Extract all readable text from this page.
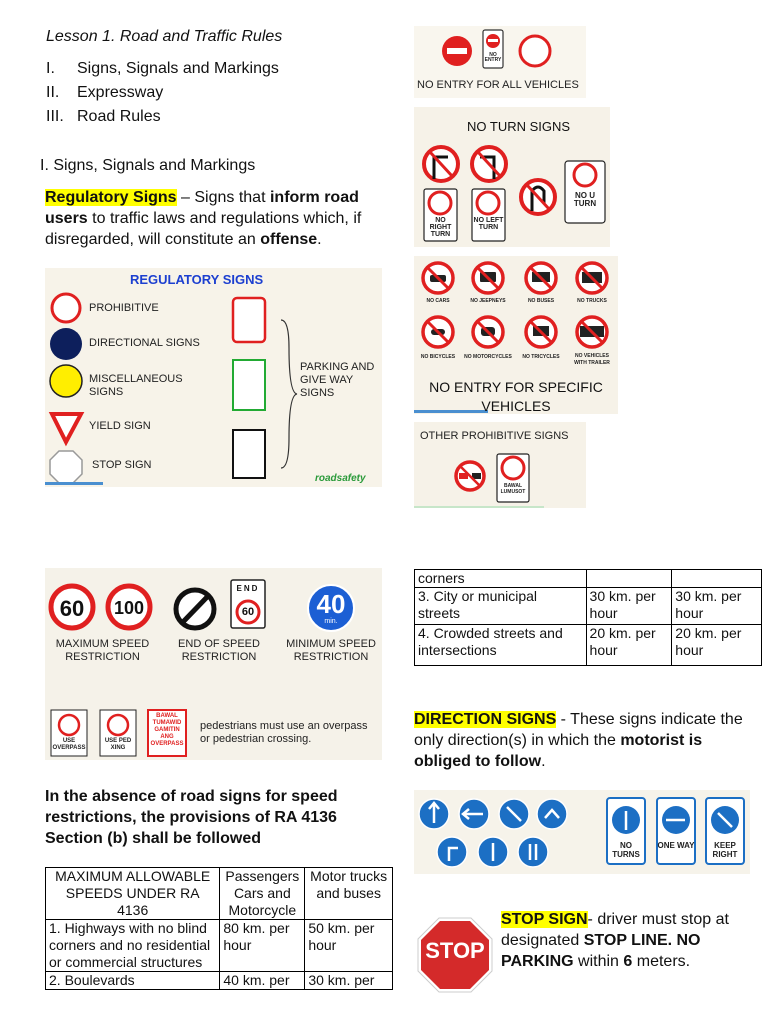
Lesson 1. Road and Traffic Rules
I. Signs, Signals and Markings
II. Expressway
III. Road Rules
I. Signs, Signals and Markings
Regulatory Signs – Signs that inform road users to traffic laws and regulations which, if disregarded, will constitute an offense.
REGULATORY SIGNS
PROHIBITIVE
DIRECTIONAL SIGNS
MISCELLANEOUS SIGNS
YIELD SIGN
STOP SIGN
PARKING AND GIVE WAY SIGNS
roadsafety
NO ENTRY
NO ENTRY FOR ALL VEHICLES
NO TURN SIGNS
NO RIGHT TURN
NO LEFT TURN
NO U TURN
NO CARS	NO JEEPNEYS	NO BUSES	NO TRUCKS
NO BICYCLES	NO MOTORCYCLES	NO TRICYCLES	NO VEHICLES WITH TRAILER
NO ENTRY FOR SPECIFIC VEHICLES
OTHER PROHIBITIVE SIGNS
BAWAL LUMUSOT
60	100
END
60	40
min.
MAXIMUM SPEED RESTRICTION
END OF SPEED RESTRICTION
MINIMUM SPEED RESTRICTION
USE OVERPASS
USE PED XING
BAWAL TUMAWID GAMITIN ANG OVERPASS
pedestrians must use an overpass or pedestrian crossing.
In the absence of road signs for speed restrictions, the provisions of RA 4136 Section (b) shall be followed
MAXIMUM ALLOWABLE SPEEDS UNDER RA 4136	Passengers Cars and Motorcycle	Motor trucks and buses
1. Highways with no blind corners and no residential or commercial structures	80 km. per hour	50 km. per hour
2. Boulevards	40 km. per	30 km. per
corners		
3. City or municipal streets	30 km. per hour	30 km. per hour
4. Crowded streets and intersections	20 km. per hour	20 km. per hour
DIRECTION SIGNS - These signs indicate the only direction(s) in which the motorist is obliged to follow.
NO TURNS
ONE WAY	KEEP RIGHT
STOP
STOP SIGN- driver must stop at designated STOP LINE. NO PARKING within 6 meters.
